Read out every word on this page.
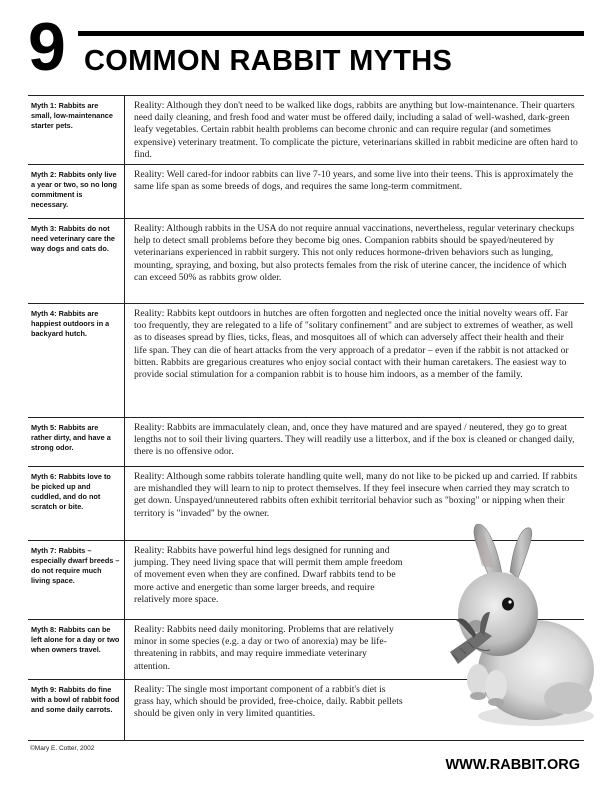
9 COMMON RABBIT MYTHS
Myth 1: Rabbits are small, low-maintenance starter pets.
Reality: Although they don't need to be walked like dogs, rabbits are anything but low-maintenance. Their quarters need daily cleaning, and fresh food and water must be offered daily, including a salad of well-washed, dark-green leafy vegetables. Certain rabbit health problems can become chronic and can require regular (and sometimes expensive) veterinary treatment. To complicate the picture, veterinarians skilled in rabbit medicine are often hard to find.
Myth 2: Rabbits only live a year or two, so no long commitment is necessary.
Reality: Well cared-for indoor rabbits can live 7-10 years, and some live into their teens. This is approximately the same life span as some breeds of dogs, and requires the same long-term commitment.
Myth 3: Rabbits do not need veterinary care the way dogs and cats do.
Reality: Although rabbits in the USA do not require annual vaccinations, nevertheless, regular veterinary checkups help to detect small problems before they become big ones. Companion rabbits should be spayed/neutered by veterinarians experienced in rabbit surgery. This not only reduces hormone-driven behaviors such as lunging, mounting, spraying, and boxing, but also protects females from the risk of uterine cancer, the incidence of which can exceed 50% as rabbits grow older.
Myth 4: Rabbits are happiest outdoors in a backyard hutch.
Reality: Rabbits kept outdoors in hutches are often forgotten and neglected once the initial novelty wears off. Far too frequently, they are relegated to a life of "solitary confinement" and are subject to extremes of weather, as well as to diseases spread by flies, ticks, fleas, and mosquitoes all of which can adversely affect their health and their life span. They can die of heart attacks from the very approach of a predator – even if the rabbit is not attacked or bitten. Rabbits are gregarious creatures who enjoy social contact with their human caretakers. The easiest way to provide social stimulation for a companion rabbit is to house him indoors, as a member of the family.
Myth 5: Rabbits are rather dirty, and have a strong odor.
Reality: Rabbits are immaculately clean, and, once they have matured and are spayed / neutered, they go to great lengths not to soil their living quarters. They will readily use a litterbox, and if the box is cleaned or changed daily, there is no offensive odor.
Myth 6: Rabbits love to be picked up and cuddled, and do not scratch or bite.
Reality: Although some rabbits tolerate handling quite well, many do not like to be picked up and carried. If rabbits are mishandled they will learn to nip to protect themselves. If they feel insecure when carried they may scratch to get down. Unspayed/unneutered rabbits often exhibit territorial behavior such as "boxing" or nipping when their territory is "invaded" by the owner.
Myth 7: Rabbits – especially dwarf breeds – do not require much living space.
Reality: Rabbits have powerful hind legs designed for running and jumping. They need living space that will permit them ample freedom of movement even when they are confined. Dwarf rabbits tend to be more active and energetic than some larger breeds, and require relatively more space.
Myth 8: Rabbits can be left alone for a day or two when owners travel.
Reality: Rabbits need daily monitoring. Problems that are relatively minor in some species (e.g. a day or two of anorexia) may be life-threatening in rabbits, and may require immediate veterinary attention.
Myth 9: Rabbits do fine with a bowl of rabbit food and some daily carrots.
Reality: The single most important component of a rabbit's diet is grass hay, which should be provided, free-choice, daily. Rabbit pellets should be given only in very limited quantities.
©Mary E. Cotter, 2002
WWW.RABBIT.ORG
